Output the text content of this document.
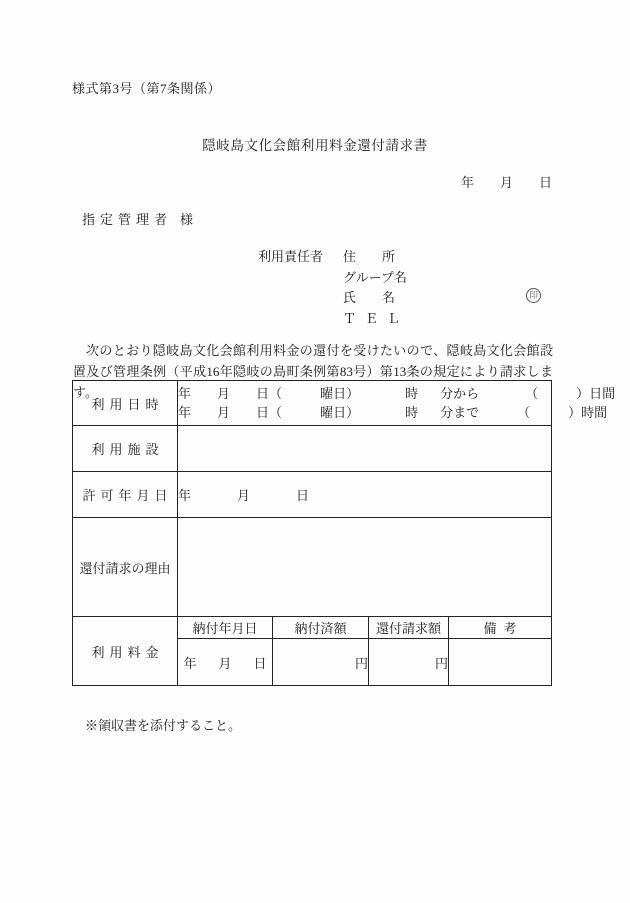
様式第3号（第7条関係）
隠岐島文化会館利用料金還付請求書
年 月 日
指定管理者 様
利用責任者 住 所
グループ名
氏 名
ＴＥＬ
印
次のとおり隠岐島文化会館利用料金の還付を受けたいので、隠岐島文化会館設置及び管理条例（平成16年隠岐の島町条例第83号）第13条の規定により請求します。
利用日時	年 月 日（ 曜日） 時 分から （ ）日間
年 月 日（ 曜日） 時 分まで （ ）時間			

利用施設				
許可年月日	年 月 日			
還付請求の理由				
利用料金	納付年月日	納付済額	還付請求額	備考
	年 月 日	円	円	
※領収書を添付すること。
